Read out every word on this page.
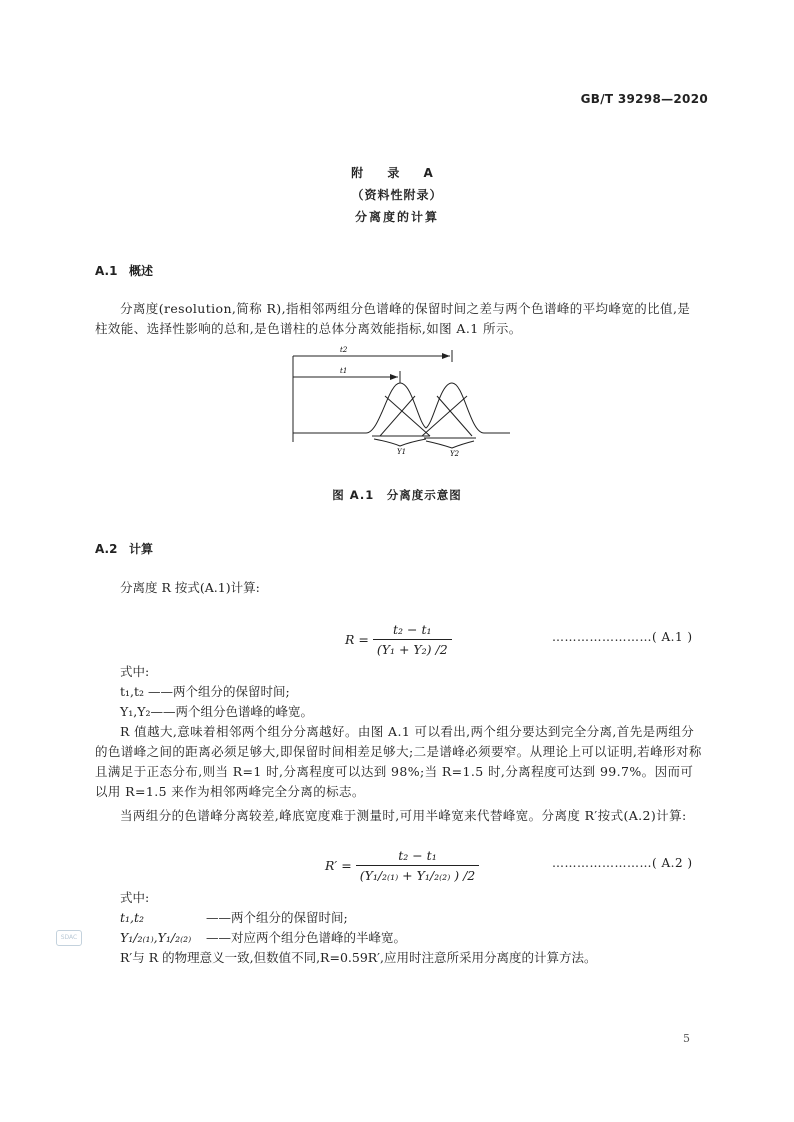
GB/T 39298—2020
附 录 A
（资料性附录）
分离度的计算
A.1 概述

分离度(resolution,简称 R),指相邻两组分色谱峰的保留时间之差与两个色谱峰的平均峰宽的比值,是柱效能、选择性影响的总和,是色谱柱的总体分离效能指标,如图 A.1 所示。

t2
t1
Y1	Y2
图 A.1　分离度示意图
A.2 计算
分离度 R 按式(A.1)计算:
$R = \frac{\text{t₂ − t₁}}{\text{(Y₁ + Y₂) /2}}$	……………………( A.1 )
式中:
t₁,t₂ ——两个组分的保留时间;
Y₁,Y₂——两个组分色谱峰的峰宽。

R 值越大,意味着相邻两个组分分离越好。由图 A.1 可以看出,两个组分要达到完全分离,首先是两组分的色谱峰之间的距离必须足够大,即保留时间相差足够大;二是谱峰必须要窄。从理论上可以证明,若峰形对称且满足于正态分布,则当 R=1 时,分离程度可以达到 98%;当 R=1.5 时,分离程度可达到 99.7%。因而可以用 R=1.5 来作为相邻两峰完全分离的标志。

当两组分的色谱峰分离较差,峰底宽度难于测量时,可用半峰宽来代替峰宽。分离度 R′按式(A.2)计算:

$R' = \frac{\text{t₂ − t₁}}{\text{(Y₁/₂₍₁₎ + Y₁/₂₍₂₎ ) /2}}$	……………………( A.2 )
式中:
t₁,t₂	——两个组分的保留时间;
Y₁/₂₍₁₎,Y₁/₂₍₂₎ ——对应两个组分色谱峰的半峰宽。
R′与 R 的物理意义一致,但数值不同,R=0.59R′,应用时注意所采用分离度的计算方法。
SDAC
5
